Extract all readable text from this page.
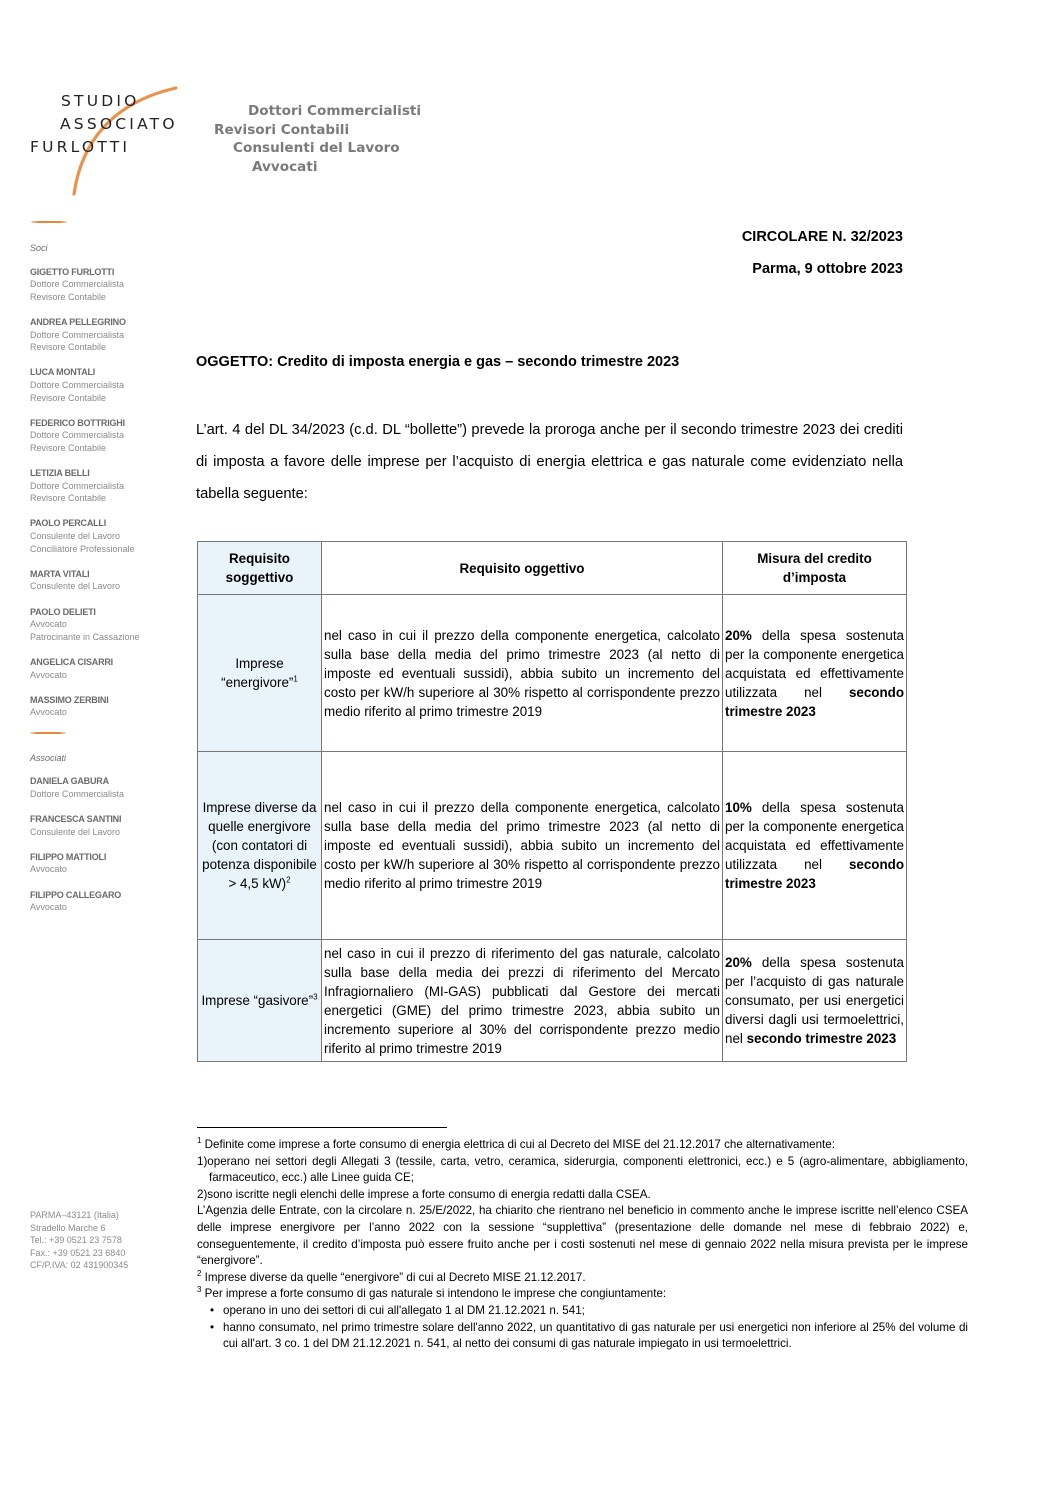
STUDIO
ASSOCIATO
FURLOTTI
Dottori Commercialisti
Revisori Contabili
Consulenti del Lavoro
Avvocati
Soci
GIGETTO FURLOTTI
Dottore Commercialista
Revisore Contabile
ANDREA PELLEGRINO
Dottore Commercialista
Revisore Contabile
LUCA MONTALI
Dottore Commercialista
Revisore Contabile
FEDERICO BOTTRIGHI
Dottore Commercialista
Revisore Contabile
LETIZIA BELLI
Dottore Commercialista
Revisore Contabile
PAOLO PERCALLI
Consulente del Lavoro
Conciliatore Professionale
MARTA VITALI
Consulente del Lavoro
PAOLO DELIETI
Avvocato
Patrocinante in Cassazione
ANGELICA CISARRI
Avvocato
MASSIMO ZERBINI
Avvocato
Associati
DANIELA GABURA
Dottore Commercialista
FRANCESCA SANTINI
Consulente del Lavoro
FILIPPO MATTIOLI
Avvocato
FILIPPO CALLEGARO
Avvocato
PARMA–43121 (Italia)
Stradello Marche 6
Tel.: +39 0521 23 7578
Fax.: +39 0521 23 6840
CF/P.IVA: 02 431900345
CIRCOLARE N. 32/2023
Parma, 9 ottobre 2023
OGGETTO: Credito di imposta energia e gas – secondo trimestre 2023
L’art. 4 del DL 34/2023 (c.d. DL “bollette”) prevede la proroga anche per il secondo trimestre 2023 dei crediti di imposta a favore delle imprese per l’acquisto di energia elettrica e gas naturale come evidenziato nella tabella seguente:
Requisito soggettivo	Requisito oggettivo	Misura del credito d’imposta
Imprese “energivore”$^1$	nel caso in cui il prezzo della componente energetica, calcolato sulla base della media del primo trimestre 2023 (al netto di imposte ed eventuali sussidi), abbia subito un incremento del costo per kW/h superiore al 30% rispetto al corrispondente prezzo medio riferito al primo trimestre 2019	20% della spesa sostenuta per la componente energetica acquistata ed effettivamente utilizzata nel secondo trimestre 2023
Imprese diverse da quelle energivore (con contatori di potenza disponibile > 4,5 kW)$^2$	nel caso in cui il prezzo della componente energetica, calcolato sulla base della media del primo trimestre 2023 (al netto di imposte ed eventuali sussidi), abbia subito un incremento del costo per kW/h superiore al 30% rispetto al corrispondente prezzo medio riferito al primo trimestre 2019	10% della spesa sostenuta per la componente energetica acquistata ed effettivamente utilizzata nel secondo trimestre 2023
Imprese “gasivore”$^3$	nel caso in cui il prezzo di riferimento del gas naturale, calcolato sulla base della media dei prezzi di riferimento del Mercato Infragiornaliero (MI-GAS) pubblicati dal Gestore dei mercati energetici (GME) del primo trimestre 2023, abbia subito un incremento superiore al 30% del corrispondente prezzo medio riferito al primo trimestre 2019	20% della spesa sostenuta per l’acquisto di gas naturale consumato, per usi energetici diversi dagli usi termoelettrici, nel secondo trimestre 2023

$^1$ Definite come imprese a forte consumo di energia elettrica di cui al Decreto del MISE del 21.12.2017 che alternativamente:

1)operano nei settori degli Allegati 3 (tessile, carta, vetro, ceramica, siderurgia, componenti elettronici, ecc.) e 5 (agro-alimentare, abbigliamento, farmaceutico, ecc.) alle Linee guida CE;

2)sono iscritte negli elenchi delle imprese a forte consumo di energia redatti dalla CSEA.

L’Agenzia delle Entrate, con la circolare n. 25/E/2022, ha chiarito che rientrano nel beneficio in commento anche le imprese iscritte nell’elenco CSEA delle imprese energivore per l’anno 2022 con la sessione “supplettiva” (presentazione delle domande nel mese di febbraio 2022) e, conseguentemente, il credito d’imposta può essere fruito anche per i costi sostenuti nel mese di gennaio 2022 nella misura prevista per le imprese “energivore”.

$^2$ Imprese diverse da quelle “energivore” di cui al Decreto MISE 21.12.2017.

$^3$ Per imprese a forte consumo di gas naturale si intendono le imprese che congiuntamente:

• operano in uno dei settori di cui all'allegato 1 al DM 21.12.2021 n. 541;
• hanno consumato, nel primo trimestre solare dell'anno 2022, un quantitativo di gas naturale per usi energetici non inferiore al 25% del volume di cui all'art. 3 co. 1 del DM 21.12.2021 n. 541, al netto dei consumi di gas naturale impiegato in usi termoelettrici.
